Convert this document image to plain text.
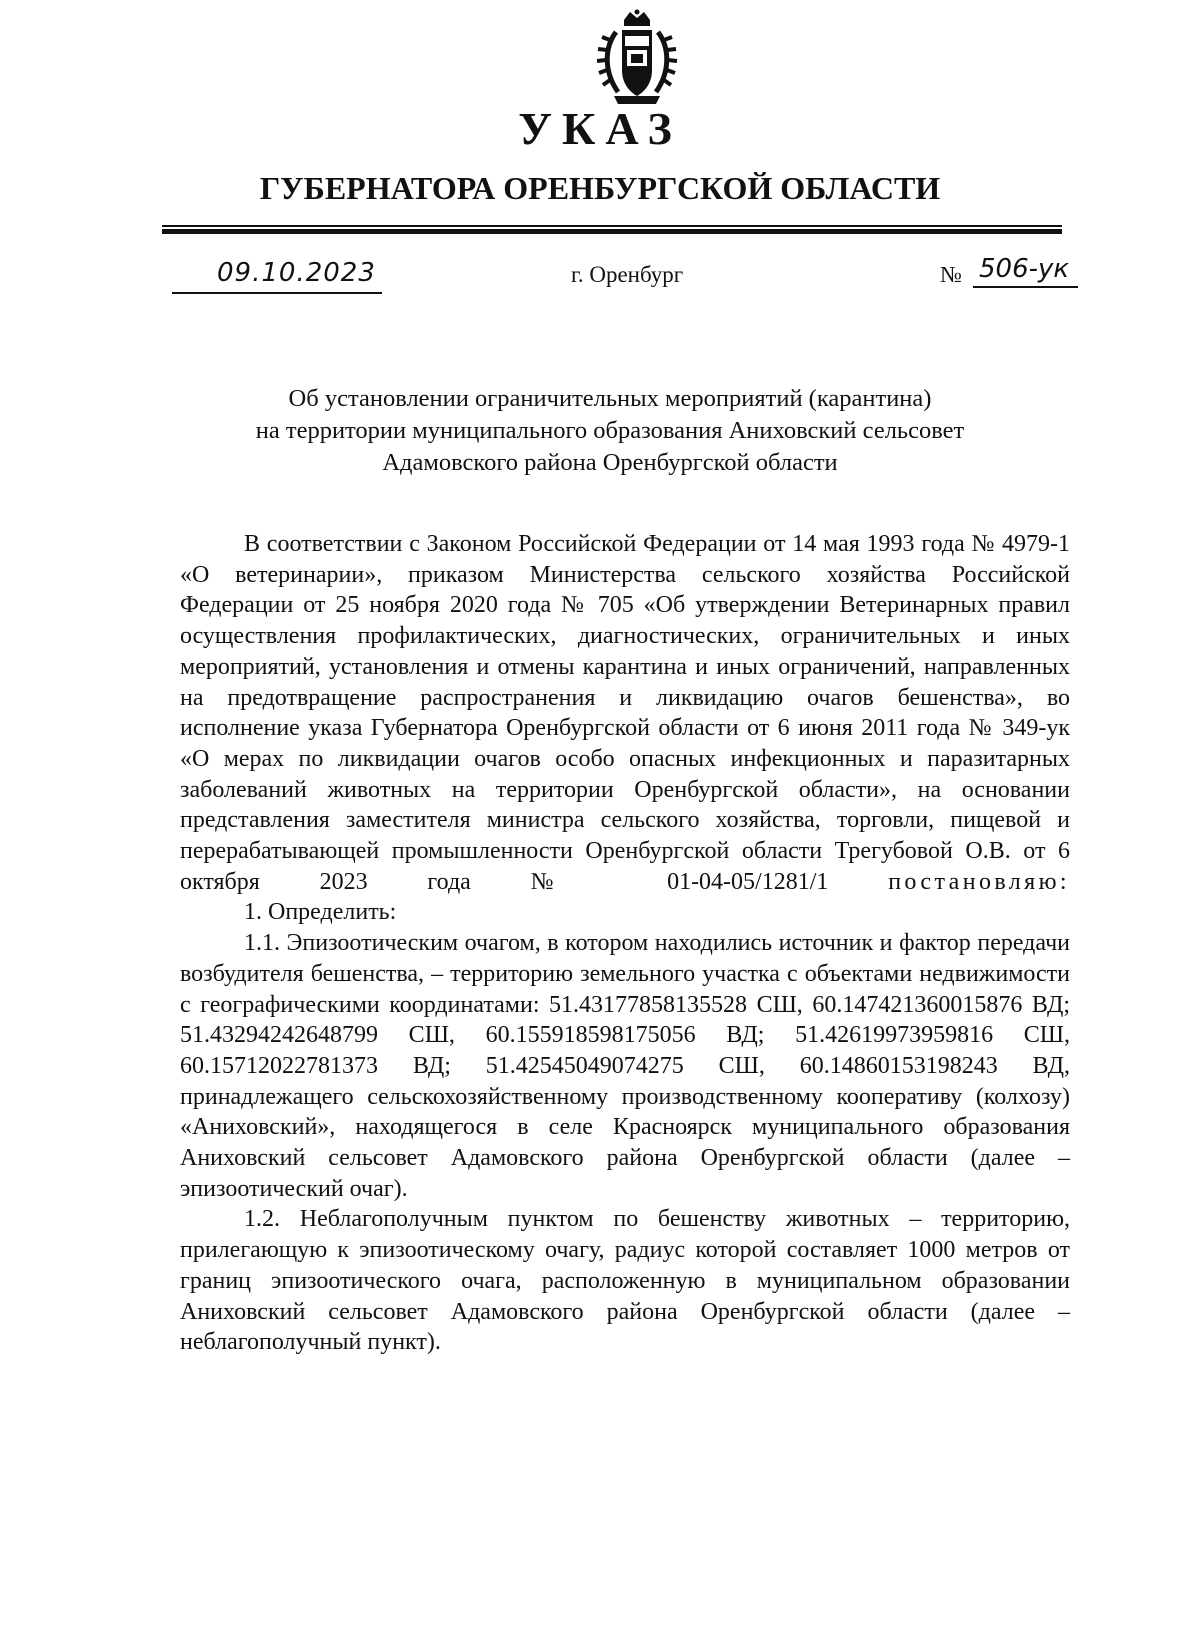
УКАЗ
ГУБЕРНАТОРА ОРЕНБУРГСКОЙ ОБЛАСТИ
09.10.2023	г. Оренбург	№ 506-ук
Об установлении ограничительных мероприятий (карантина)
на территории муниципального образования Аниховский сельсовет
Адамовского района Оренбургской области

В соответствии с Законом Российской Федерации от 14 мая 1993 года № 4979-1 «О ветеринарии», приказом Министерства сельского хозяйства Российской Федерации от 25 ноября 2020 года № 705 «Об утверждении Ветеринарных правил осуществления профилактических, диагностических, ограничительных и иных мероприятий, установления и отмены карантина и иных ограничений, направленных на предотвращение распространения и ликвидацию очагов бешенства», во исполнение указа Губернатора Оренбургской области от 6 июня 2011 года № 349-ук «О мерах по ликвидации очагов особо опасных инфекционных и паразитарных заболеваний животных на территории Оренбургской области», на основании представления заместителя министра сельского хозяйства, торговли, пищевой и перерабатывающей промышленности Оренбургской области Трегубовой О.В. от 6 октября 2023 года № 01-04-05/1281/1 постановляю:

1. Определить:

1.1. Эпизоотическим очагом, в котором находились источник и фактор передачи возбудителя бешенства, – территорию земельного участка с объектами недвижимости с географическими координатами: 51.43177858135528 СШ, 60.147421360015876 ВД; 51.43294242648799 СШ, 60.155918598175056 ВД; 51.42619973959816 СШ, 60.15712022781373 ВД; 51.42545049074275 СШ, 60.14860153198243 ВД, принадлежащего сельскохозяйственному производственному кооперативу (колхозу) «Аниховский», находящегося в селе Красноярск муниципального образования Аниховский сельсовет Адамовского района Оренбургской области (далее – эпизоотический очаг).

1.2. Неблагополучным пунктом по бешенству животных – территорию, прилегающую к эпизоотическому очагу, радиус которой составляет 1000 метров от границ эпизоотического очага, расположенную в муниципальном образовании Аниховский сельсовет Адамовского района Оренбургской области (далее – неблагополучный пункт).
